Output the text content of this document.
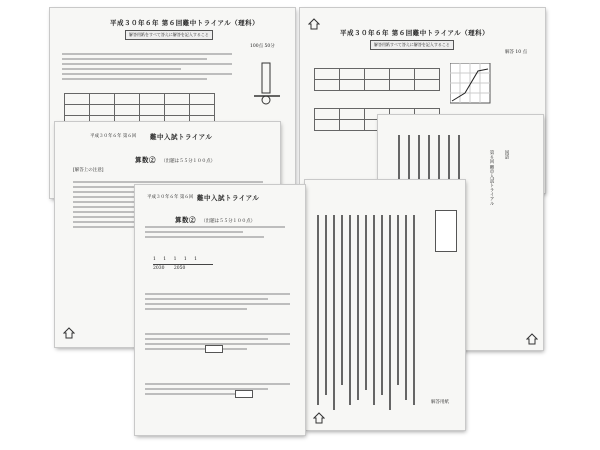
平成３０年６年 第６回難中トライアル（理科）
解答用紙をすべて答えに解答を記入すること
100点 50分

平成３０年６年 第６回難中トライアル（理科）
解答用紙すべて答えに解答を記入すること
解答 10 点

平成３０年６年 第６回 難中入試トライアル
算数② （出題は５５分１００点）
[解答上の注意]	第６回 難中入試トライアル 国語
解答用紙
平成３０年６年 第６回 難中入試トライアル
算数② （出題は５５分１００点）
1 1 1 1 1
2030 2050
